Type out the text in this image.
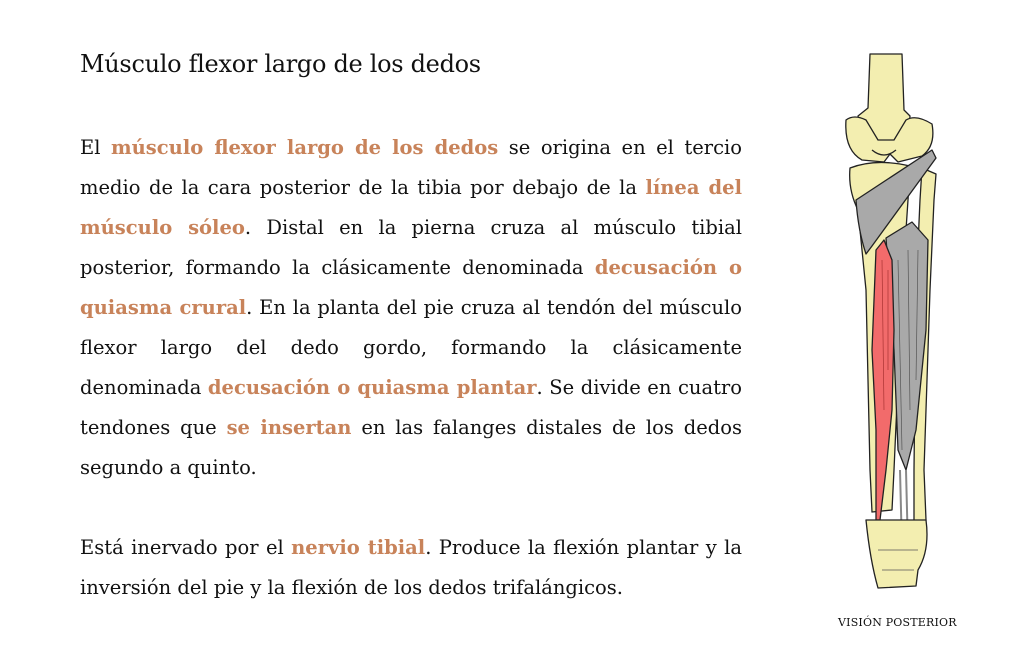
Músculo flexor largo de los dedos

El músculo flexor largo de los dedos se origina en el tercio medio de la cara posterior de la tibia por debajo de la línea del músculo sóleo. Distal en la pierna cruza al músculo tibial posterior, formando la clásicamente denominada decusación o quiasma crural. En la planta del pie cruza al tendón del músculo flexor largo del dedo gordo, formando la clásicamente denominada decusación o quiasma plantar. Se divide en cuatro tendones que se insertan en las falanges distales de los dedos segundo a quinto.

Está inervado por el nervio tibial. Produce la flexión plantar y la inversión del pie y la flexión de los dedos trifalángicos.

VISIÓN POSTERIOR
